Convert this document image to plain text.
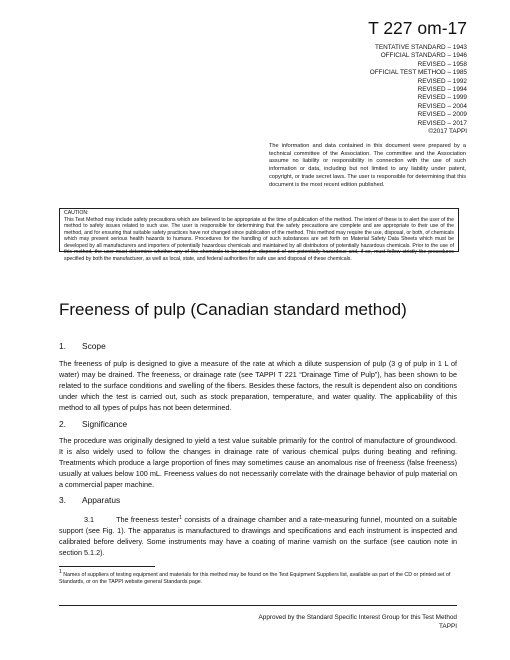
T 227 om-17
TENTATIVE STANDARD – 1943
OFFICIAL STANDARD – 1946
REVISED – 1958
OFFICIAL TEST METHOD – 1985
REVISED – 1992
REVISED – 1994
REVISED – 1999
REVISED – 2004
REVISED – 2009
REVISED – 2017
©2017 TAPPI
The information and data contained in this document were prepared by a technical committee of the Association. The committee and the Association assume no liability or responsibility in connection with the use of such information or data, including but not limited to any liability under patent, copyright, or trade secret laws. The user is responsible for determining that this document is the most recent edition published.
CAUTION:
This Test Method may include safety precautions which are believed to be appropriate at the time of publication of the method. The intent of these is to alert the user of the method to safety issues related to such use. The user is responsible for determining that the safety precautions are complete and are appropriate to their use of the method, and for ensuring that suitable safety practices have not changed since publication of the method. This method may require the use, disposal, or both, of chemicals which may present serious health hazards to humans. Procedures for the handling of such substances are set forth on Material Safety Data Sheets which must be developed by all manufacturers and importers of potentially hazardous chemicals and maintained by all distributors of potentially hazardous chemicals. Prior to the use of this method, the user must determine whether any of the chemicals to be used or disposed of are potentially hazardous and, if so, must follow strictly the procedures specified by both the manufacturer, as well as local, state, and federal authorities for safe use and disposal of these chemicals.
Freeness of pulp (Canadian standard method)
1. Scope
The freeness of pulp is designed to give a measure of the rate at which a dilute suspension of pulp (3 g of pulp in 1 L of water) may be drained. The freeness, or drainage rate (see TAPPI T 221 “Drainage Time of Pulp”), has been shown to be related to the surface conditions and swelling of the fibers. Besides these factors, the result is dependent also on conditions under which the test is carried out, such as stock preparation, temperature, and water quality. The applicability of this method to all types of pulps has not been determined.
2. Significance
The procedure was originally designed to yield a test value suitable primarily for the control of manufacture of groundwood. It is also widely used to follow the changes in drainage rate of various chemical pulps during beating and refining. Treatments which produce a large proportion of fines may sometimes cause an anomalous rise of freeness (false freeness) usually at values below 100 mL. Freeness values do not necessarily correlate with the drainage behavior of pulp material on a commercial paper machine.
3. Apparatus
3.1	The freeness tester$^1$ consists of a drainage chamber and a rate-measuring funnel, mounted on a suitable support (see Fig. 1). The apparatus is manufactured to drawings and specifications and each instrument is inspected and calibrated before delivery. Some instruments may have a coating of marine varnish on the surface (see caution note in section 5.1.2).
$^1$ Names of suppliers of testing equipment and materials for this method may be found on the Test Equipment Suppliers list, available as part of the CD or printed set of Standards, or on the TAPPI website general Standards page.
Approved by the Standard Specific Interest Group for this Test Method
TAPPI
